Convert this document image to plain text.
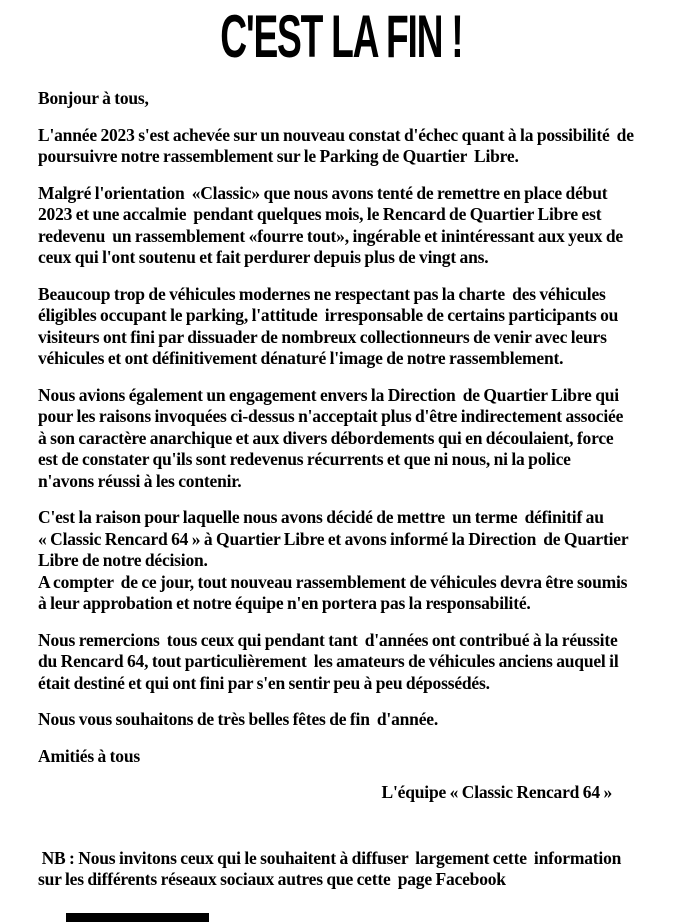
C'EST LA FIN !
Bonjour à tous,
L'année 2023 s'est achevée sur un nouveau constat d'échec quant à la possibilité  de
poursuivre notre rassemblement sur le Parking de Quartier  Libre.
Malgré l'orientation  «Classic» que nous avons tenté de remettre en place début
2023 et une accalmie  pendant quelques mois, le Rencard de Quartier Libre est
redevenu  un rassemblement «fourre tout», ingérable et inintéressant aux yeux de
ceux qui l'ont soutenu et fait perdurer depuis plus de vingt ans.
Beaucoup trop de véhicules modernes ne respectant pas la charte  des véhicules
éligibles occupant le parking, l'attitude  irresponsable de certains participants ou
visiteurs ont fini par dissuader de nombreux collectionneurs de venir avec leurs
véhicules et ont définitivement dénaturé l'image de notre rassemblement.
Nous avions également un engagement envers la Direction  de Quartier Libre qui
pour les raisons invoquées ci-dessus n'acceptait plus d'être indirectement associée
à son caractère anarchique et aux divers débordements qui en découlaient, force
est de constater qu'ils sont redevenus récurrents et que ni nous, ni la police
n'avons réussi à les contenir.
C'est la raison pour laquelle nous avons décidé de mettre  un terme  définitif au
« Classic Rencard 64 » à Quartier Libre et avons informé la Direction  de Quartier
Libre de notre décision.
A compter  de ce jour, tout nouveau rassemblement de véhicules devra être soumis
à leur approbation et notre équipe n'en portera pas la responsabilité.
Nous remercions  tous ceux qui pendant tant  d'années ont contribué à la réussite
du Rencard 64, tout particulièrement  les amateurs de véhicules anciens auquel il
était destiné et qui ont fini par s'en sentir peu à peu dépossédés.
Nous vous souhaitons de très belles fêtes de fin  d'année.
Amitiés à tous
L'équipe « Classic Rencard 64 »
NB : Nous invitons ceux qui le souhaitent à diffuser  largement cette  information
sur les différents réseaux sociaux autres que cette  page Facebook
